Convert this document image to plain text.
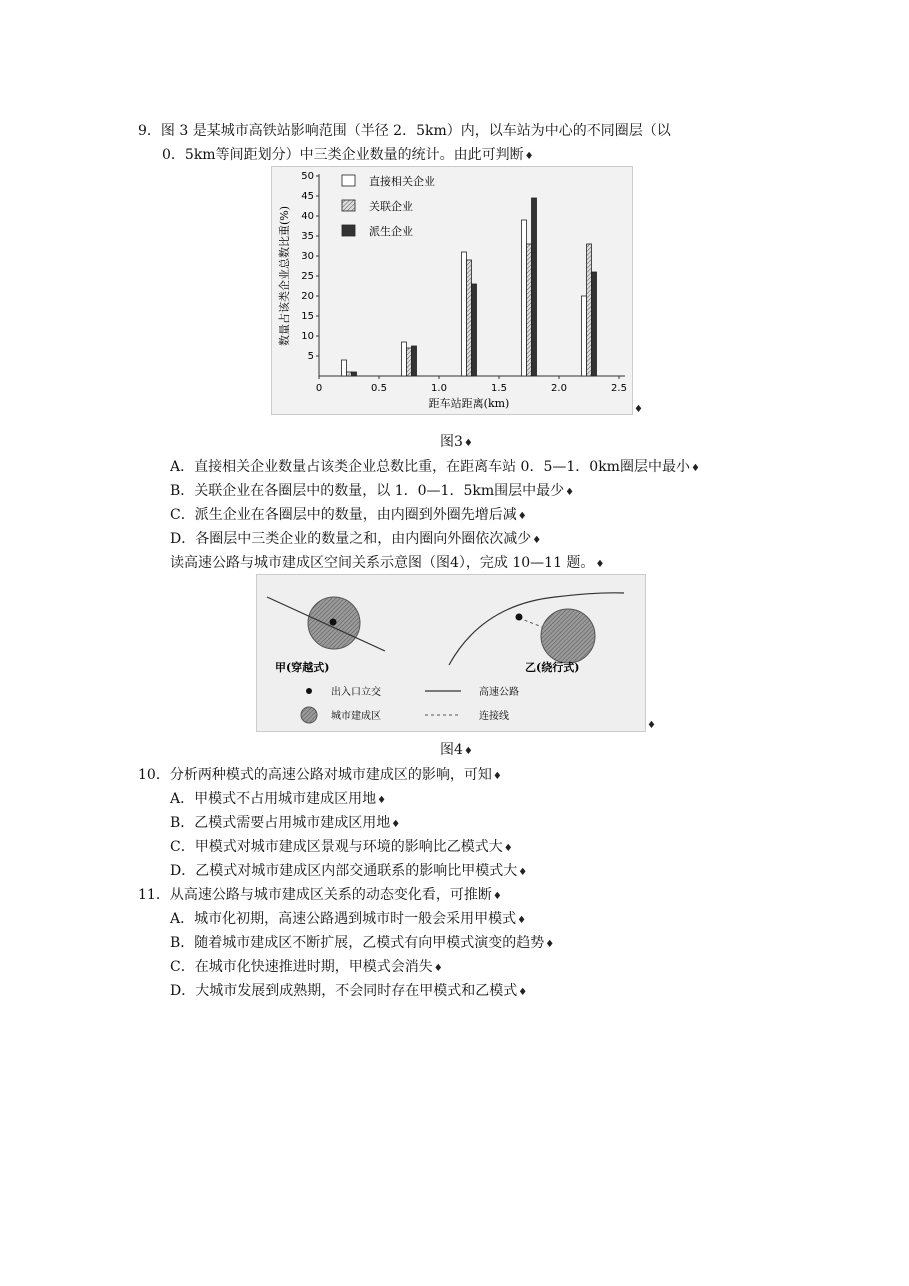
9．图 3 是某城市高铁站影响范围（半径 2．5km）内，以车站为中心的不同圈层（以
0．5km等间距划分）中三类企业数量的统计。由此可判断♦
5
10
15
20
25
30
35
40
45
50
0	0.5	1.0	1.5	2.0	2.5
直接相关企业
关联企业
派生企业
距车站距离(km)
数量占该类企业总数比重(%)
♦
图3♦
A．直接相关企业数量占该类企业总数比重，在距离车站 0．5—1．0km圈层中最小♦
B．关联企业在各圈层中的数量，以 1．0—1．5km围层中最少♦
C．派生企业在各圈层中的数量，由内圈到外圈先增后减♦
D．各圈层中三类企业的数量之和，由内圈向外圈依次减少♦
读高速公路与城市建成区空间关系示意图（图4），完成 10—11 题。♦
甲(穿越式)	乙(绕行式)
出入口立交	高速公路
城市建成区	连接线
♦
图4♦
10．分析两种模式的高速公路对城市建成区的影响，可知♦
A．甲模式不占用城市建成区用地♦
B．乙模式需要占用城市建成区用地♦
C．甲模式对城市建成区景观与环境的影响比乙模式大♦
D．乙模式对城市建成区内部交通联系的影响比甲模式大♦
11．从高速公路与城市建成区关系的动态变化看，可推断♦
A．城市化初期，高速公路遇到城市时一般会采用甲模式♦
B．随着城市建成区不断扩展，乙模式有向甲模式演变的趋势♦
C．在城市化快速推进时期，甲模式会消失♦
D．大城市发展到成熟期，不会同时存在甲模式和乙模式♦
